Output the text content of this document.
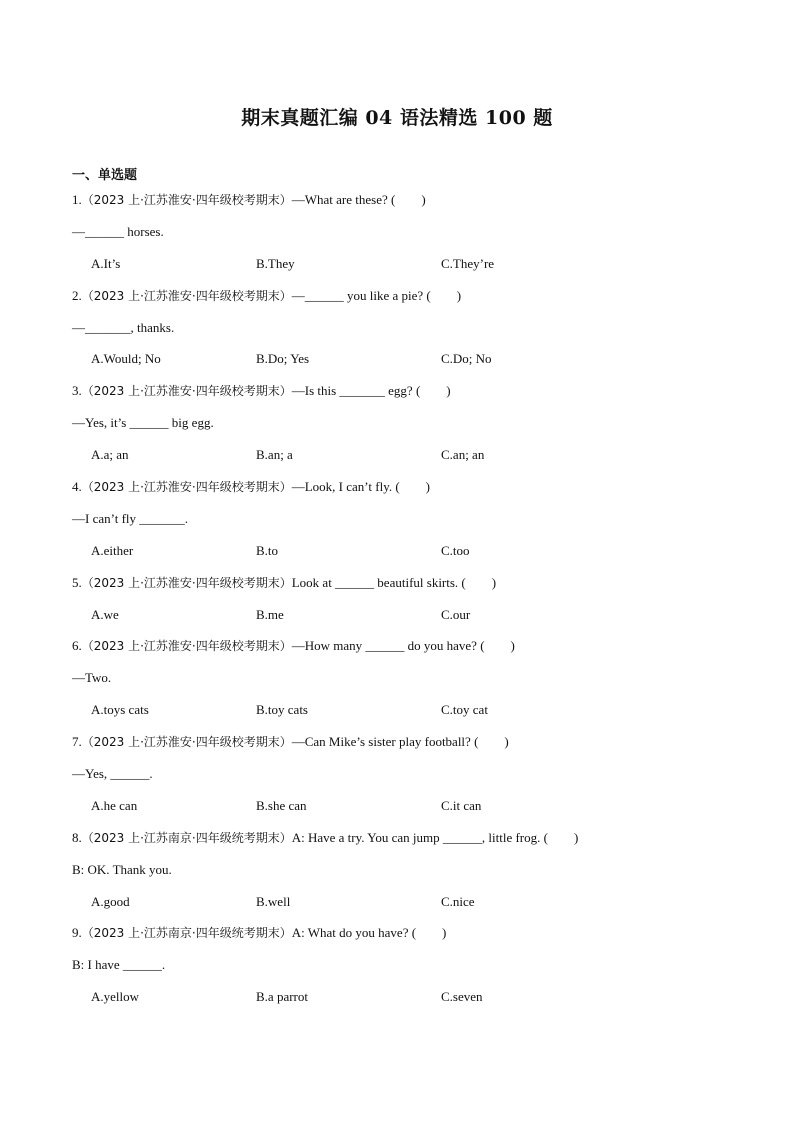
期末真题汇编 04 语法精选 100 题
一、单选题
1.（2023 上·江苏淮安·四年级校考期末）—What are these? (　　)
—______ horses.
A.It’s	B.They	C.They’re
2.（2023 上·江苏淮安·四年级校考期末）—______ you like a pie? (　　)
—_______, thanks.
A.Would; No	B.Do; Yes	C.Do; No
3.（2023 上·江苏淮安·四年级校考期末）—Is this _______ egg? (　　)
—Yes, it’s ______ big egg.
A.a; an	B.an; a	C.an; an
4.（2023 上·江苏淮安·四年级校考期末）—Look, I can’t fly. (　　)
—I can’t fly _______.
A.either	B.to	C.too
5.（2023 上·江苏淮安·四年级校考期末）Look at ______ beautiful skirts. (　　)
A.we	B.me	C.our
6.（2023 上·江苏淮安·四年级校考期末）—How many ______ do you have? (　　)
—Two.
A.toys cats	B.toy cats	C.toy cat
7.（2023 上·江苏淮安·四年级校考期末）—Can Mike’s sister play football? (　　)
—Yes, ______.
A.he can	B.she can	C.it can
8.（2023 上·江苏南京·四年级统考期末）A: Have a try. You can jump ______, little frog. (　　)
B: OK. Thank you.
A.good	B.well	C.nice
9.（2023 上·江苏南京·四年级统考期末）A: What do you have? (　　)
B: I have ______.
A.yellow	B.a parrot	C.seven
